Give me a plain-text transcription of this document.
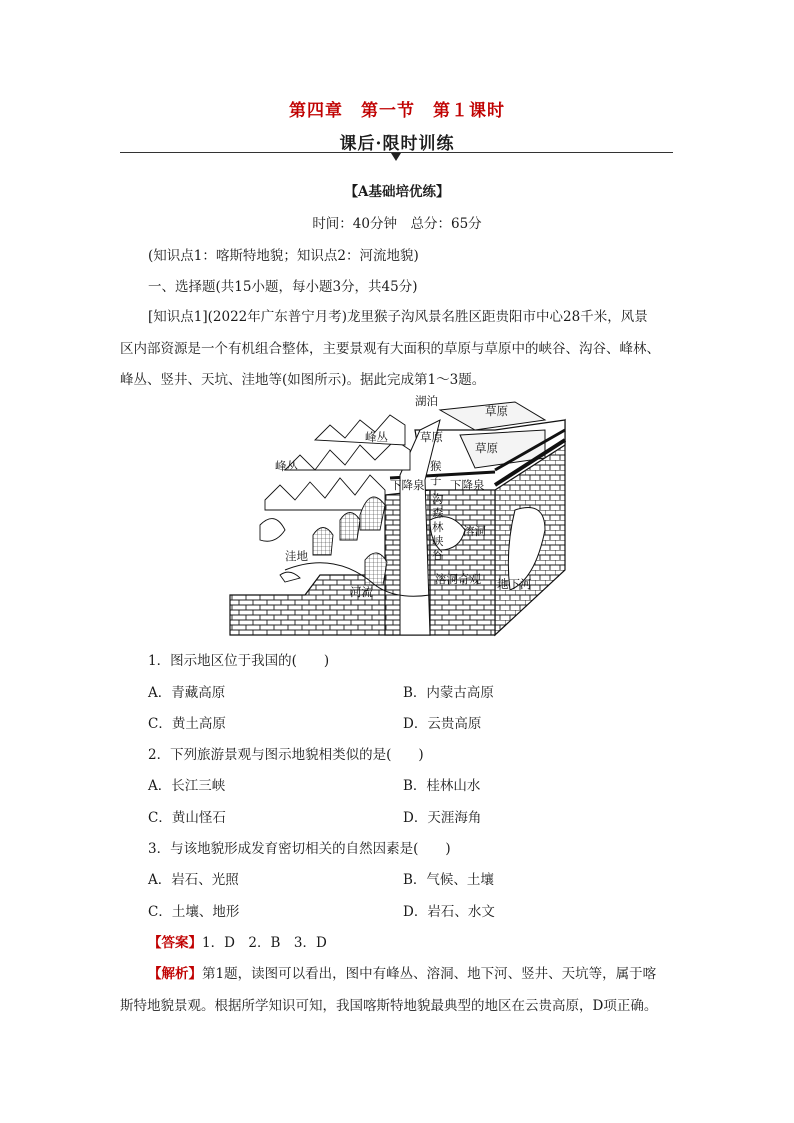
第四章　第一节　第１课时
课后·限时训练
【A基础培优练】
时间：40分钟　总分：65分
(知识点1：喀斯特地貌；知识点2：河流地貌)
一、选择题(共15小题，每小题3分，共45分)
[知识点1](2022年广东普宁月考)龙里猴子沟风景名胜区距贵阳市中心28千米，风景
区内部资源是一个有机组合整体，主要景观有大面积的草原与草原中的峡谷、沟谷、峰林、
峰丛、竖井、天坑、洼地等(如图所示)。据此完成第1～3题。
湖泊
草原
草原
草原
峰丛
峰丛	猴
下降泉 子 下降泉
沟
森
林
峡
谷
溶洞
洼地
河流
溶洞奇观 地下河
1．图示地区位于我国的(　　)
A．青藏高原	B．内蒙古高原
C．黄土高原	D．云贵高原
2．下列旅游景观与图示地貌相类似的是(　　)
A．长江三峡	B．桂林山水
C．黄山怪石	D．天涯海角
3．与该地貌形成发育密切相关的自然因素是(　　)
A．岩石、光照	B．气候、土壤
C．土壤、地形	D．岩石、水文
【答案】1．D　2．B　3．D
【解析】第1题，读图可以看出，图中有峰丛、溶洞、地下河、竖井、天坑等，属于喀
斯特地貌景观。根据所学知识可知，我国喀斯特地貌最典型的地区在云贵高原，D项正确。
